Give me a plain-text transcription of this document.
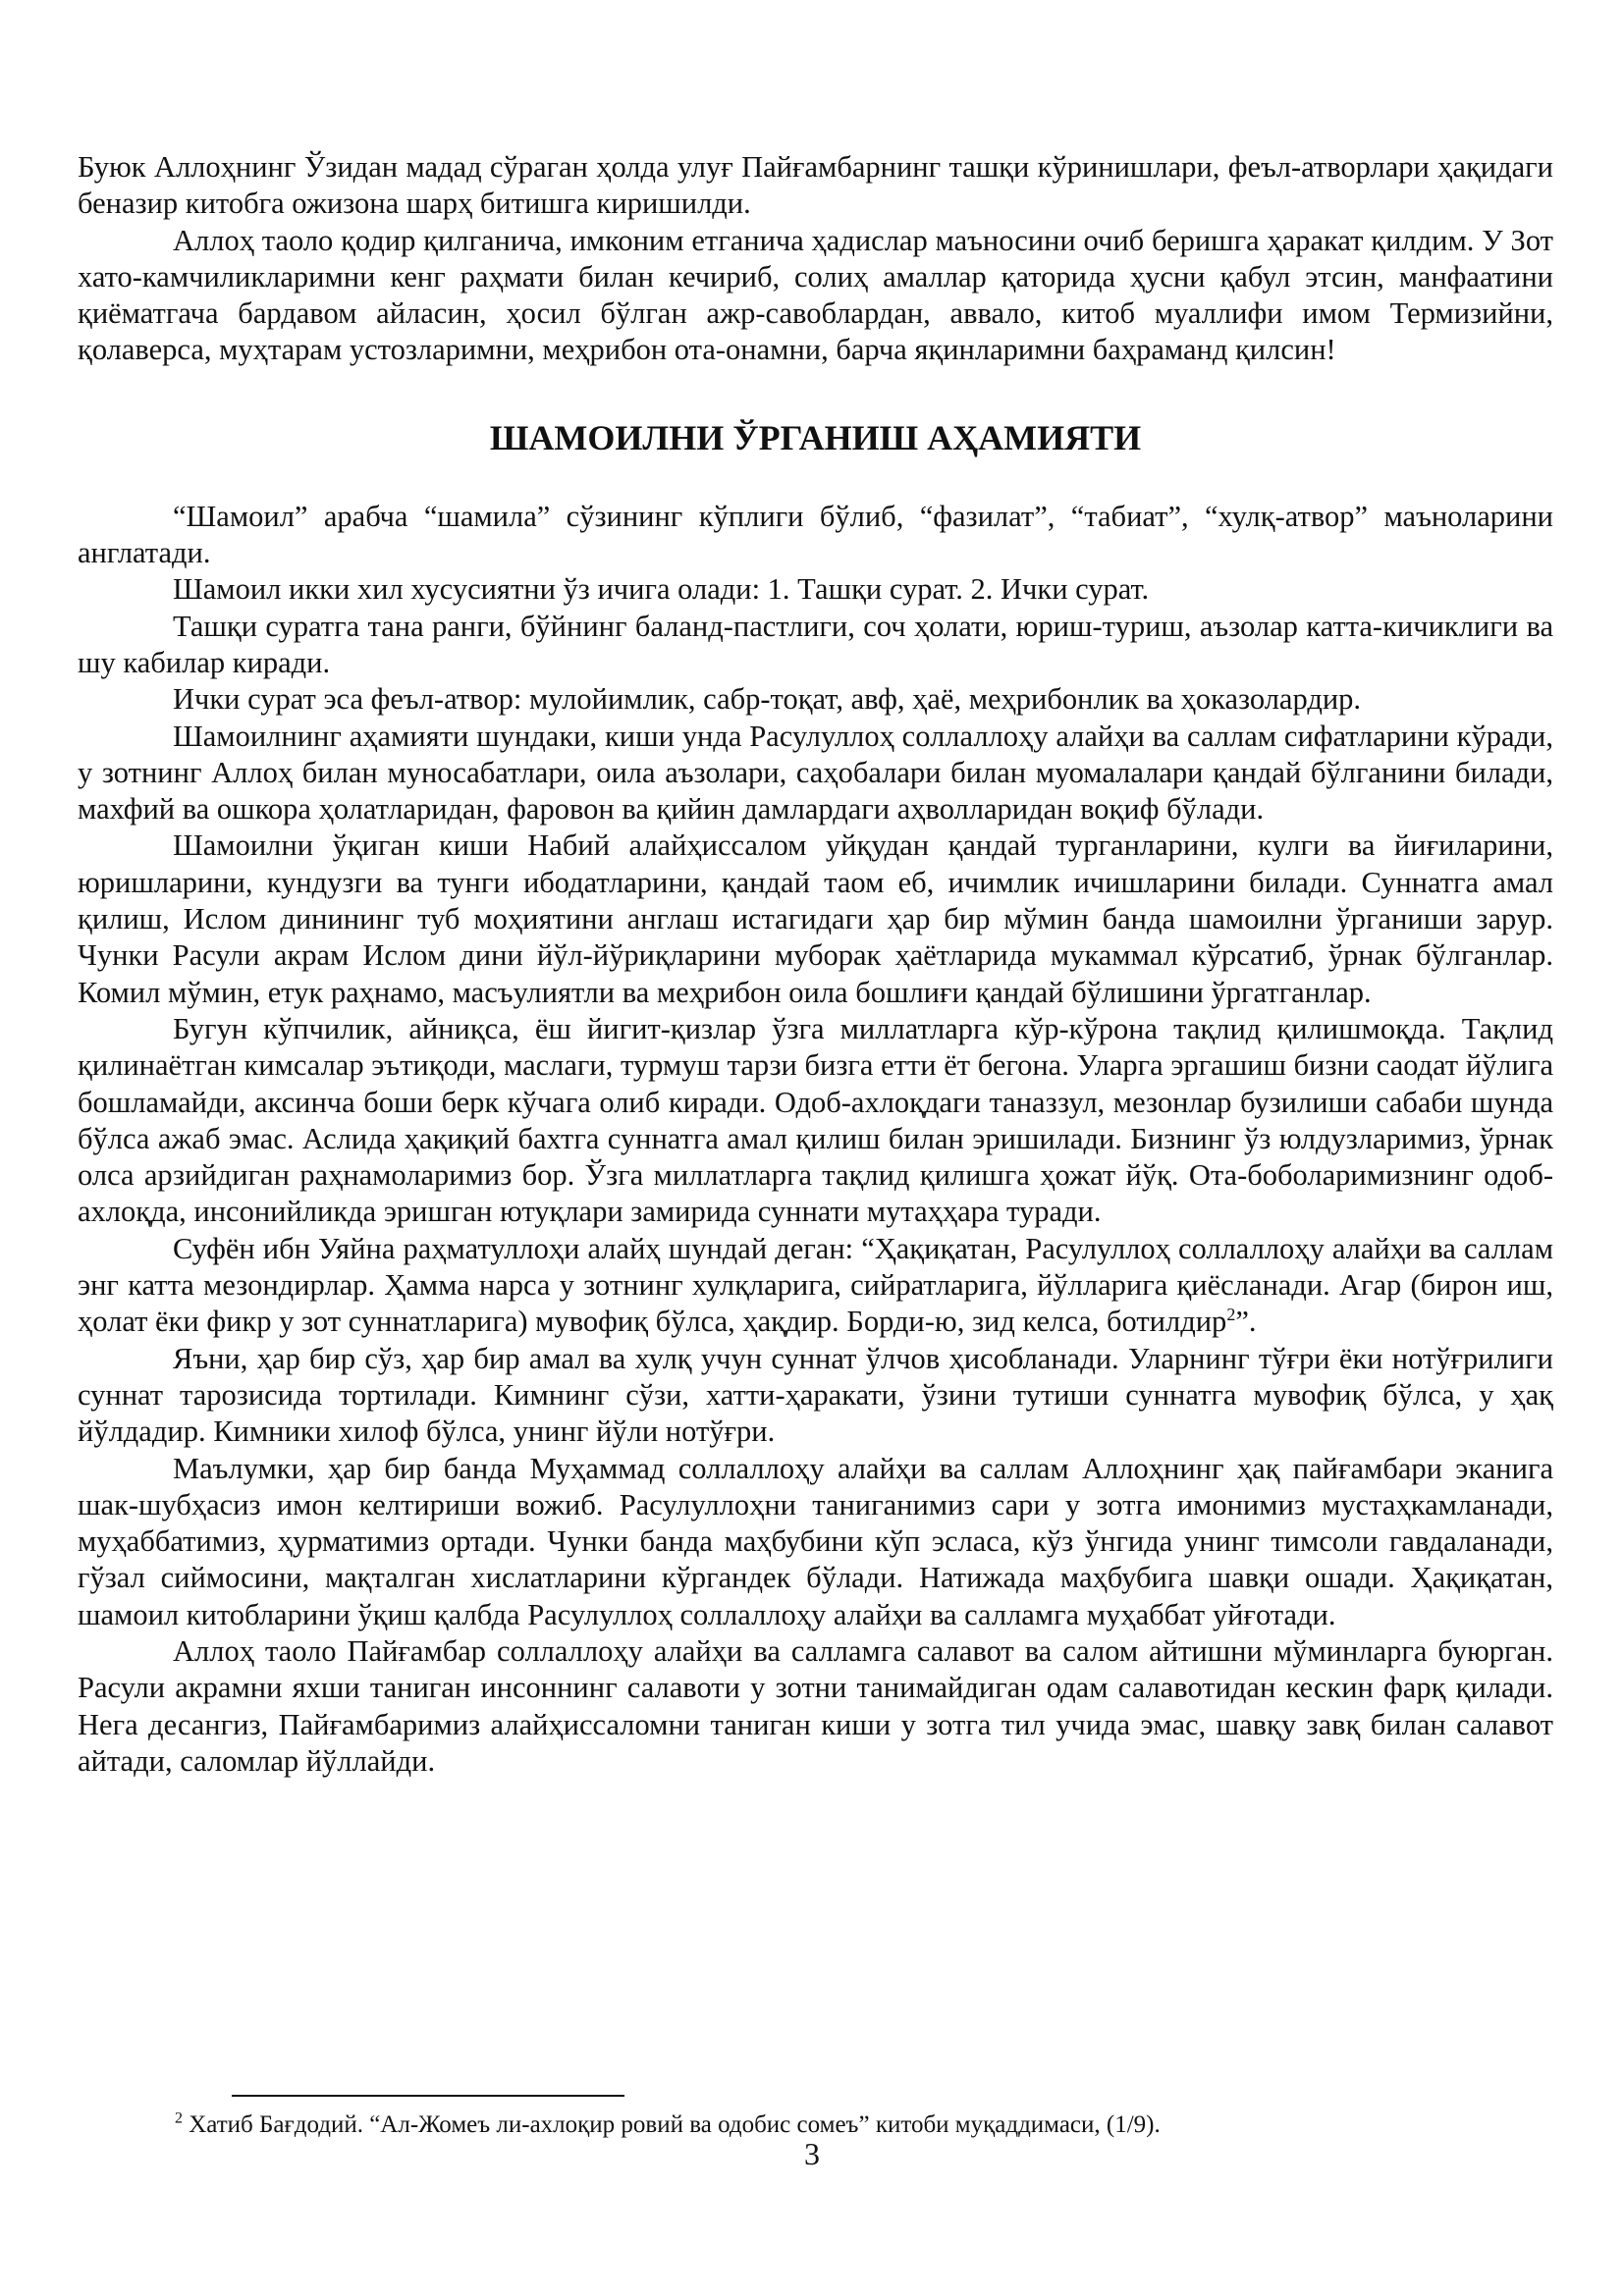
Буюк Аллоҳнинг Ўзидан мадад сўраган ҳолда улуғ Пайғамбарнинг ташқи кўринишлари, феъл-атворлари ҳақидаги беназир китобга ожизона шарҳ битишга киришилди.

Аллоҳ таоло қодир қилганича, имконим етганича ҳадислар маъносини очиб беришга ҳаракат қилдим. У Зот хато-камчиликларимни кенг раҳмати билан кечириб, солиҳ амаллар қаторида ҳусни қабул этсин, манфаатини қиёматгача бардавом айласин, ҳосил бўлган ажр-савоблардан, аввало, китоб муаллифи имом Термизийни, қолаверса, муҳтарам устозларимни, меҳрибон ота-онамни, барча яқинларимни баҳраманд қилсин!

ШАМОИЛНИ ЎРГАНИШ АҲАМИЯТИ

“Шамоил” арабча “шамила” сўзининг кўплиги бўлиб, “фазилат”, “табиат”, “хулқ-атвор” маъноларини англатади.

Шамоил икки хил хусусиятни ўз ичига олади: 1. Ташқи сурат. 2. Ички сурат.

Ташқи суратга тана ранги, бўйнинг баланд-пастлиги, соч ҳолати, юриш-туриш, аъзолар катта-кичиклиги ва шу кабилар киради.

Ички сурат эса феъл-атвор: мулойимлик, сабр-тоқат, авф, ҳаё, меҳрибонлик ва ҳоказолардир.

Шамоилнинг аҳамияти шундаки, киши унда Расулуллоҳ соллаллоҳу алайҳи ва саллам сифатларини кўради, у зотнинг Аллоҳ билан муносабатлари, оила аъзолари, саҳобалари билан муомалалари қандай бўлганини билади, махфий ва ошкора ҳолатларидан, фаровон ва қийин дамлардаги аҳволларидан воқиф бўлади.

Шамоилни ўқиган киши Набий алайҳиссалом уйқудан қандай турганларини, кулги ва йиғиларини, юришларини, кундузги ва тунги ибодатларини, қандай таом еб, ичимлик ичишларини билади. Суннатга амал қилиш, Ислом динининг туб моҳиятини англаш истагидаги ҳар бир мўмин банда шамоилни ўрганиши зарур. Чунки Расули акрам Ислом дини йўл-йўриқларини муборак ҳаётларида мукаммал кўрсатиб, ўрнак бўлганлар. Комил мўмин, етук раҳнамо, масъулиятли ва меҳрибон оила бошлиғи қандай бўлишини ўргатганлар.

Бугун кўпчилик, айниқса, ёш йигит-қизлар ўзга миллатларга кўр-кўрона тақлид қилишмоқда. Тақлид қилинаётган кимсалар эътиқоди, маслаги, турмуш тарзи бизга етти ёт бегона. Уларга эргашиш бизни саодат йўлига бошламайди, аксинча боши берк кўчага олиб киради. Одоб-ахлоқдаги таназзул, мезонлар бузилиши сабаби шунда бўлса ажаб эмас. Аслида ҳақиқий бахтга суннатга амал қилиш билан эришилади. Бизнинг ўз юлдузларимиз, ўрнак олса арзийдиган раҳнамоларимиз бор. Ўзга миллатларга тақлид қилишга ҳожат йўқ. Ота-боболаримизнинг одоб-ахлоқда, инсонийликда эришган ютуқлари замирида суннати мутаҳҳара туради.

Суфён ибн Уяйна раҳматуллоҳи алайҳ шундай деган: “Ҳақиқатан, Расулуллоҳ соллаллоҳу алайҳи ва саллам энг катта мезондирлар. Ҳамма нарса у зотнинг хулқларига, сийратларига, йўлларига қиёсланади. Агар (бирон иш, ҳолат ёки фикр у зот суннатларига) мувофиқ бўлса, ҳақдир. Борди-ю, зид келса, ботилдир$^2$”.

Яъни, ҳар бир сўз, ҳар бир амал ва хулқ учун суннат ўлчов ҳисобланади. Уларнинг тўғри ёки нотўғрилиги суннат тарозисида тортилади. Кимнинг сўзи, хатти-ҳаракати, ўзини тутиши суннатга мувофиқ бўлса, у ҳақ йўлдадир. Кимники хилоф бўлса, унинг йўли нотўғри.

Маълумки, ҳар бир банда Муҳаммад соллаллоҳу алайҳи ва саллам Аллоҳнинг ҳақ пайғамбари эканига шак-шубҳасиз имон келтириши вожиб. Расулуллоҳни таниганимиз сари у зотга имонимиз мустаҳкамланади, муҳаббатимиз, ҳурматимиз ортади. Чунки банда маҳбубини кўп эсласа, кўз ўнгида унинг тимсоли гавдаланади, гўзал сиймосини, мақталган хислатларини кўргандек бўлади. Натижада маҳбубига шавқи ошади. Ҳақиқатан, шамоил китобларини ўқиш қалбда Расулуллоҳ соллаллоҳу алайҳи ва салламга муҳаббат уйғотади.

Аллоҳ таоло Пайғамбар соллаллоҳу алайҳи ва салламга салавот ва салом айтишни мўминларга буюрган. Расули акрамни яхши таниган инсоннинг салавоти у зотни танимайдиган одам салавотидан кескин фарқ қилади. Нега десангиз, Пайғамбаримиз алайҳиссаломни таниган киши у зотга тил учида эмас, шавқу завқ билан салавот айтади, саломлар йўллайди.

$^2$ Хатиб Бағдодий. “Ал-Жомеъ ли-ахлоқир ровий ва одобис сомеъ” китоби муқаддимаси, (1/9).
3
